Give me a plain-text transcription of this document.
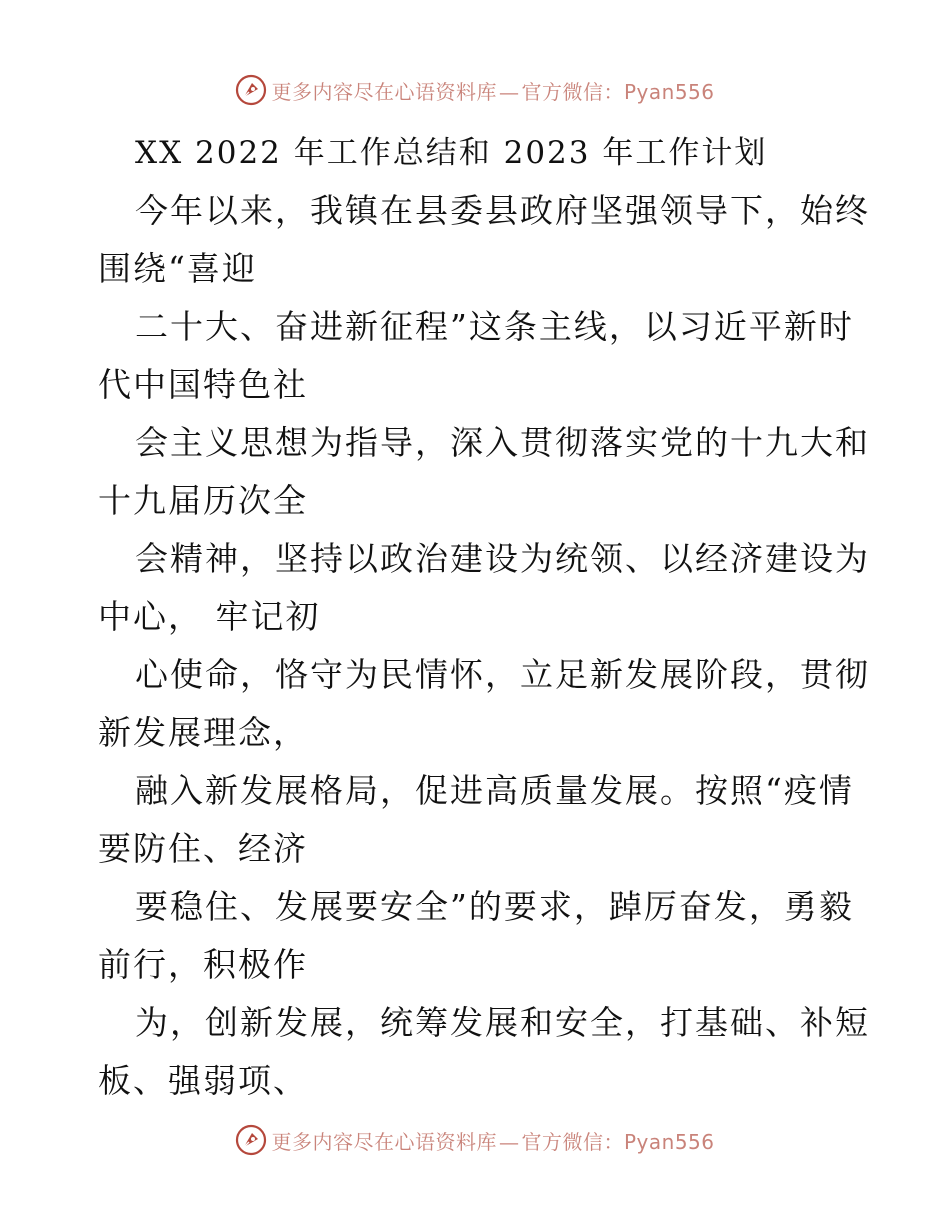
更多内容尽在心语资料库 — 官方微信：Pyan556
XX 2022 年工作总结和 2023 年工作计划

今年以来，我镇在县委县政府坚强领导下，始终

围绕“喜迎

二十大、奋进新征程”这条主线，以习近平新时

代中国特色社

会主义思想为指导，深入贯彻落实党的十九大和

十九届历次全

会精神，坚持以政治建设为统领、以经济建设为

中心， 牢记初

心使命，恪守为民情怀，立足新发展阶段，贯彻

新发展理念，

融入新发展格局，促进高质量发展。按照“疫情

要防住、经济

要稳住、发展要安全”的要求，踔厉奋发，勇毅

前行，积极作

为，创新发展，统筹发展和安全，打基础、补短

板、强弱项、

更多内容尽在心语资料库 — 官方微信：Pyan556
